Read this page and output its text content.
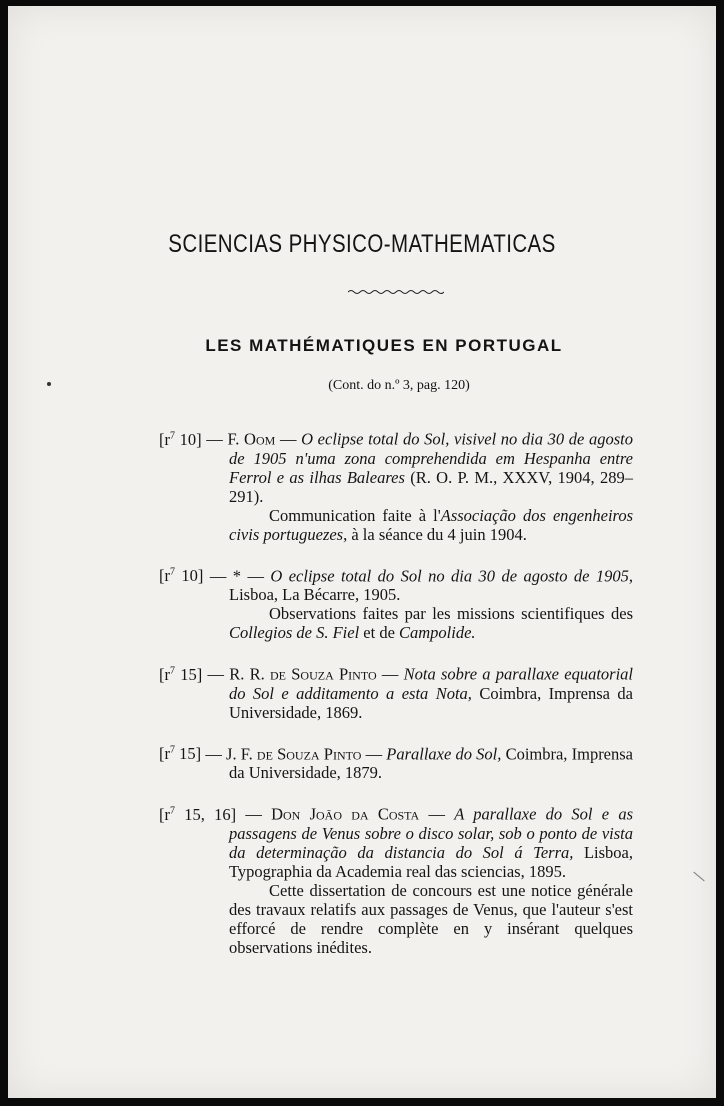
SCIENCIAS PHYSICO-MATHEMATICAS
LES MATHÉMATIQUES EN PORTUGAL
(Cont. do n.º 3, pag. 120)

[$r^7$ 10] — F. Oom — O eclipse total do Sol, visivel no dia 30 de agosto de 1905 n'uma zona comprehendida em Hespanha entre Ferrol e as ilhas Baleares (R. O. P. M., XXXV, 1904, 289–291).
Communication faite à l'Associação dos engenheiros civis portuguezes, à la séance du 4 juin 1904.

[$r^7$ 10] — * — O eclipse total do Sol no dia 30 de agosto de 1905, Lisboa, La Bécarre, 1905.
Observations faites par les missions scientifiques des Collegios de S. Fiel et de Campolide.

[$r^7$ 15] — R. R. de Souza Pinto — Nota sobre a parallaxe equatorial do Sol e additamento a esta Nota, Coimbra, Imprensa da Universidade, 1869.

[$r^7$ 15] — J. F. de Souza Pinto — Parallaxe do Sol, Coimbra, Imprensa da Universidade, 1879.

[$r^7$ 15, 16] — Don João da Costa — A parallaxe do Sol e as passagens de Venus sobre o disco solar, sob o ponto de vista da determinação da distancia do Sol á Terra, Lisboa, Typographia da Academia real das sciencias, 1895.
Cette dissertation de concours est une notice générale des travaux relatifs aux passages de Venus, que l'auteur s'est efforcé de rendre complète en y insérant quelques observations inédites.
